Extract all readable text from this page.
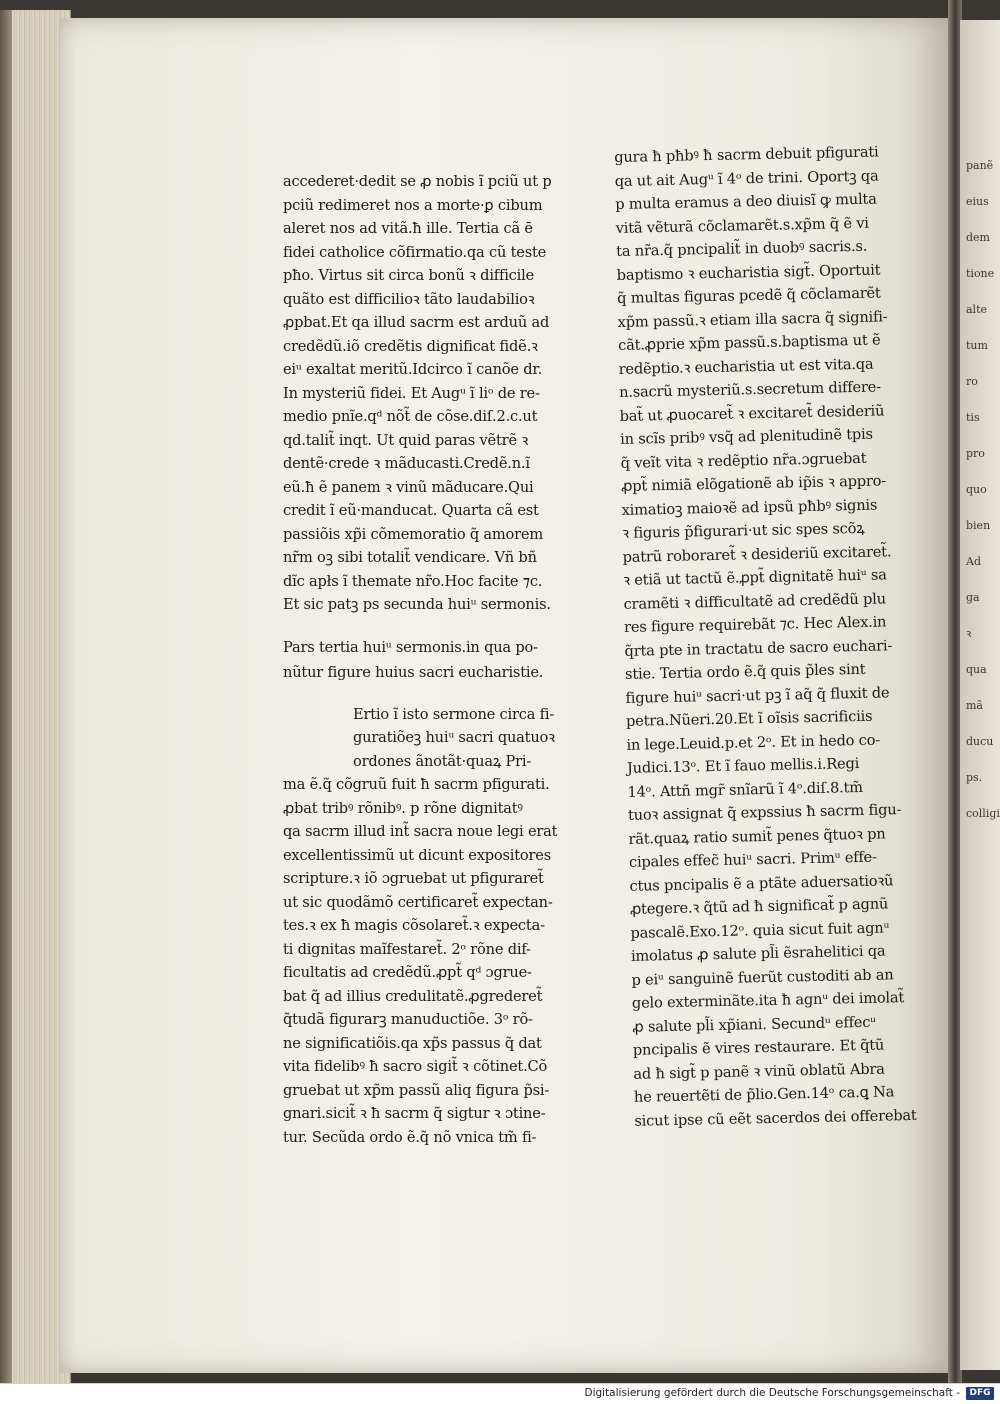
panẽ
eius
dem
tione
alte
tum
ro
tis
pro
quo
bien
Ad
ga
ꝛ
qua
mã
ducu
ps.
colligi
accederet·dedit se ꝓ nobis ĩ pciũ ut p
pciũ redimeret nos a morte·ꝑ cibum
aleret nos ad vitã.ħ ille. Tertia cã ē
fidei catholice cõfirmatio.qa cũ teste
pħo. Virtus sit circa bonũ ꝛ difficile
quãto est difficilioꝛ tãto laudabilioꝛ
ꝓpbat.Et qa illud sacrm est arduũ ad
credẽdũ.iõ credẽtis dignificat fidẽ.ꝛ
eiᵘ exaltat meritũ.Idcirco ĩ canõe dr.
In mysteriũ fidei. Et Augᵘ ĩ liᵒ de re-
medio pnĩe.qᵈ nõt̃ de cõse.diſ.2.c.ut
qd.talit̃ inqt. Ut quid paras vẽtrẽ ꝛ
dentẽ·crede ꝛ mãducasti.Credẽ.n.ĩ
eũ.ħ ẽ panem ꝛ vinũ mãducare.Qui
credit ĩ eũ·manducat. Quarta cã est
passiõis xp̃i cõmemoratio q̃ amorem
nr̃m oꝫ sibi totalit̃ vendicare. Vñ bñ
dĩc apłs ĩ themate nr̃o.Hoc facite ⁊c.
Et sic patꝫ ps secunda huiᵘ sermonis.
Pars tertia huiᵘ sermonis.in qua po-
nũtur figure huius sacri eucharistie.
Ertio ĩ isto sermone circa fi-
guratiõeꝫ huiᵘ sacri quatuoꝛ
ordones ãnotãt·quaꝝ Pri-
ma ẽ.q̃ cõgruũ fuit ħ sacrm pfigurati.
ꝓbat tribꝰ rõnibꝰ. p rõne dignitatꝰ
qa sacrm illud int̃ sacra noue legi erat
excellentissimũ ut dicunt expositores
scripture.ꝛ iõ ɔgruebat ut pfiguraret̃
ut sic quodãmõ certificaret̃ expectan-
tes.ꝛ ex ħ magis cõsolaret̃.ꝛ expecta-
ti dignitas maĩfestaret̃. 2ᵒ rõne dif-
ficultatis ad credẽdũ.ꝓpt̃ qᵈ ɔgrue-
bat q̃ ad illius credulitatẽ.ꝓgrederet̃
q̃tudã figurarꝫ manuductiõe. 3ᵒ rõ-
ne significatiõis.qa xp̃s passus q̃ dat
vita fidelibꝰ ħ sacro sigit̃ ꝛ cõtinet.Cõ
gruebat ut xp̃m passũ aliq figura p̃si-
gnari.sicit̃ ꝛ ħ sacrm q̃ sigtur ꝛ ɔtine-
tur. Secũda ordo ẽ.q̃ nõ vnica tm̃ fi-
gura ħ pħbꝰ ħ sacrm debuit pfigurati
qa ut ait Augᵘ ĩ 4ᵒ de trini. Oportꝫ qa
p multa eramus a deo diuisĩ ꝙ multa
vitã vẽturã cõclamarẽt.s.xp̃m q̃ ẽ vi
ta nr̃a.q̃ pncipalit̃ in duobꝰ sacris.s.
baptismo ꝛ eucharistia sigt̃. Oportuit
q̃ multas figuras pcedẽ q̃ cõclamarẽt
xp̃m passũ.ꝛ etiam illa sacra q̃ signifi-
cãt.ꝓprie xp̃m passũ.s.baptisma ut ẽ
redẽptio.ꝛ eucharistia ut est vita.qa
n.sacrũ mysteriũ.s.secretum differe-
bat̃ ut ꝓuocaret̃ ꝛ excitaret̃ desideriũ
in scĩs pribꝰ vsq̃ ad plenitudinẽ tpis
q̃ veĩt vita ꝛ redẽptio nr̃a.ɔgruebat
ꝓpt̃ nimiã elõgationẽ ab ip̃is ꝛ appro-
ximatioꝫ maioꝛẽ ad ipsũ pħbꝰ signis
ꝛ figuris p̃figurari·ut sic spes scõꝝ
patrũ roboraret̃ ꝛ desideriũ excitaret̃.
ꝛ etiã ut tactũ ẽ.ꝓpt̃ dignitatẽ huiᵘ sa
cramẽti ꝛ difficultatẽ ad credẽdũ plu
res figure requirebãt ⁊c. Hec Alex.in
q̃rta pte in tractatu de sacro euchari-
stie. Tertia ordo ẽ.q̃ quis p̃les sint
figure huiᵘ sacri·ut pꝫ ĩ aq̃ q̃ fluxit de
petra.Nũeri.20.Et ĩ oĩsis sacrificiis
in lege.Leuid.p.et 2ᵒ. Et in hedo co-
Judici.13ᵒ. Et ĩ fauo mellis.i.Regi
14ᵒ. Attñ mgr̃ snĩarũ ĩ 4ᵒ.diſ.8.tm̃
tuoꝛ assignat q̃ expssius ħ sacrm figu-
rãt.quaꝝ ratio sumit̃ penes q̃tuoꝛ pn
cipales effec̃ huiᵘ sacri. Primᵘ effe-
ctus pncipalis ẽ a ptãte aduersatioꝛũ
ꝓtegere.ꝛ q̃tũ ad ħ significat̃ p agnũ
pascalẽ.Exo.12ᵒ. quia sicut fuit agnᵘ
imolatus ꝓ salute pl̃i ẽsrahelitici qa
p eiᵘ sanguinẽ fuerũt custoditi ab an
gelo exterminãte.ita ħ agnᵘ dei imolat̃
ꝓ salute pl̃i xp̃iani. Secundᵘ effecᵘ
pncipalis ẽ vires restaurare. Et q̃tũ
ad ħ sigt̃ p panẽ ꝛ vinũ oblatũ Abra
he reuertẽti de p̃lio.Gen.14ᵒ ca.ꝗ Na
sicut ipse cũ eẽt sacerdos dei offerebat
Digitalisierung gefördert durch die Deutsche Forschungsgemeinschaft -	DFG
